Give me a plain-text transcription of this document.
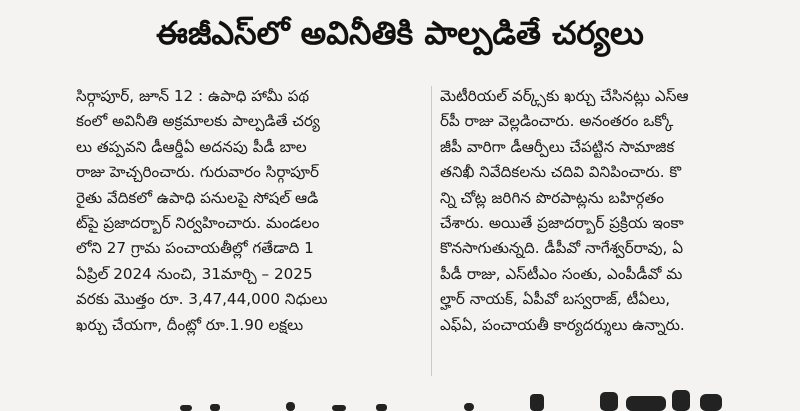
ఈజీఎస్‌లో అవినీతికి పాల్పడితే చర్యలు
సిర్గాపూర్, జూన్ 12 : ఉపాధి హామీ పథ
కంలో అవినీతి అక్రమాలకు పాల్పడితే చర్య
లు తప్పవని డీఆర్డీఏ అదనపు పీడీ బాల
రాజు హెచ్చరించారు. గురువారం సిర్గాపూర్
రైతు వేదికలో ఉపాధి పనులపై సోషల్ ఆడి
ట్‌పై ప్రజాదర్బార్ నిర్వహించారు. మండలం
లోని 27 గ్రామ పంచాయతీల్లో గతేడాది 1
ఏప్రిల్ 2024 నుంచి, 31మార్చి – 2025
వరకు మొత్తం రూ. 3,47,44,000 నిధులు
ఖర్చు చేయగా, దీంట్లో రూ.1.90 లక్షలు
మెటీరియల్ వర్క్స్‌కు ఖర్చు చేసినట్లు ఎస్ఆ
ర్‌పీ రాజు వెల్లడించారు. అనంతరం ఒక్కో
జీపీ వారిగా డీఆర్పీలు చేపట్టిన సామాజిక
తనిఖీ నివేదికలను చదివి వినిపించారు. కొ
న్ని చోట్ల జరిగిన పొరపాట్లను బహిర్గతం
చేశారు. అయితే ప్రజాదర్బార్ ప్రక్రియ ఇంకా
కొనసాగుతున్నది. డీపీవో నాగేశ్వర్‌రావు, ఏ
పీడీ రాజు, ఎస్‌టీఎం సంతు, ఎంపీడీవో మ
ల్హార్ నాయక్, ఏపీవో బస్వరాజ్, టీఏలు,
ఎఫ్‌ఏ, పంచాయతీ కార్యదర్శులు ఉన్నారు.
